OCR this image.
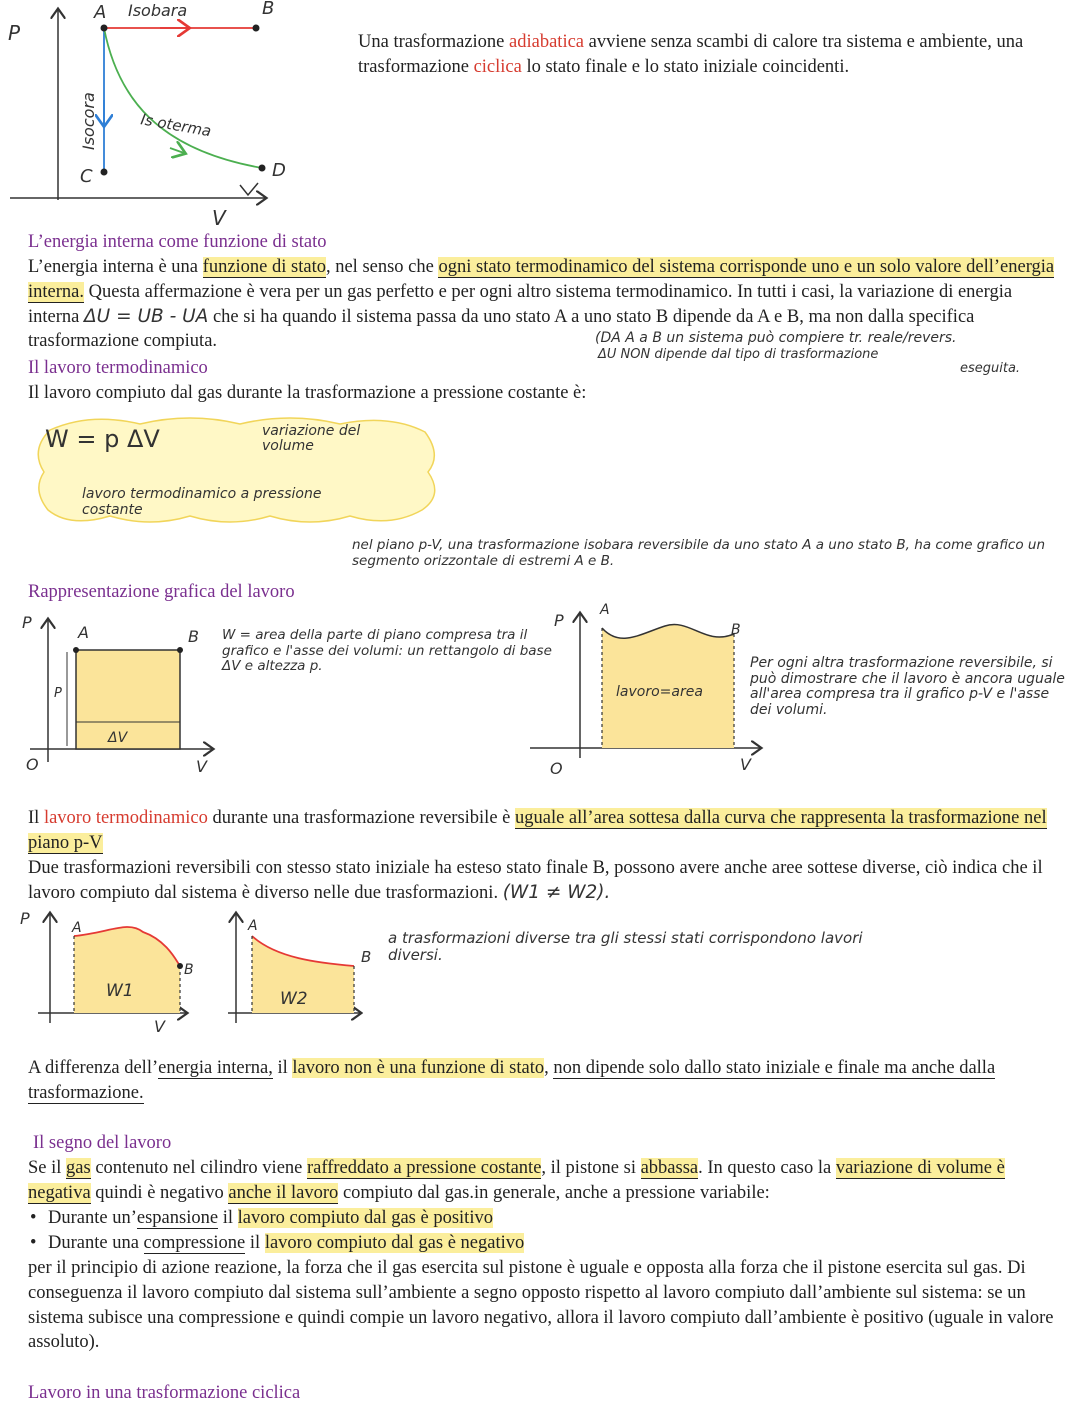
P
A Isobara	B
Isocora	Is oterma
C	D
V
Una trasformazione adiabatica avviene senza scambi di calore tra sistema e ambiente, una trasformazione ciclica lo stato finale e lo stato iniziale coincidenti.
L’energia interna come funzione di stato
L’energia interna è una funzione di stato, nel senso che ogni stato termodinamico del sistema corrisponde uno e un solo valore dell’energia interna. Questa affermazione è vera per un gas perfetto e per ogni altro sistema termodinamico. In tutti i casi, la variazione di energia interna ΔU = UB - UA che si ha quando il sistema passa da uno stato A a uno stato B dipende da A e B, ma non dalla specifica trasformazione compiuta.	(DA A a B un sistema può compiere tr. reale/revers.
ΔU NON dipende dal tipo di trasformazione
eseguita.
Il lavoro termodinamico
Il lavoro compiuto dal gas durante la trasformazione a pressione costante è:
W = p ΔV	variazione del volume
lavoro termodinamico a pressione costante
nel piano p-V, una trasformazione isobara reversibile da uno stato A a uno stato B, ha come grafico un segmento orizzontale di estremi A e B.
Rappresentazione grafica del lavoro
P
A	B
P
ΔV
O	V
W = area della parte di piano compresa tra il grafico e l'asse dei volumi: un rettangolo di base ΔV e altezza p.
P
A
B
lavoro=area
O	V
Per ogni altra trasformazione reversibile, si può dimostrare che il lavoro è ancora uguale all'area compresa tra il grafico p-V e l'asse dei volumi.
Il lavoro termodinamico durante una trasformazione reversibile è uguale all’area sottesa dalla curva che rappresenta la trasformazione nel piano p-V
Due trasformazioni reversibili con stesso stato iniziale ha esteso stato finale B, possono avere anche aree sottese diverse, ciò indica che il lavoro compiuto dal sistema è diverso nelle due trasformazioni. (W1 ≠ W2).
P	A
B
W1
V
A
W2
B
a trasformazioni diverse tra gli stessi stati corrispondono lavori diversi.
A differenza dell’energia interna, il lavoro non è una funzione di stato, non dipende solo dallo stato iniziale e finale ma anche dalla trasformazione.
Il segno del lavoro
Se il gas contenuto nel cilindro viene raffreddato a pressione costante, il pistone si abbassa. In questo caso la variazione di volume è negativa quindi è negativo anche il lavoro compiuto dal gas.in generale, anche a pressione variabile:
• Durante un’espansione il lavoro compiuto dal gas è positivo
• Durante una compressione il lavoro compiuto dal gas è negativo
per il principio di azione reazione, la forza che il gas esercita sul pistone è uguale e opposta alla forza che il pistone esercita sul gas. Di conseguenza il lavoro compiuto dal sistema sull’ambiente a segno opposto rispetto al lavoro compiuto dall’ambiente sul sistema: se un sistema subisce una compressione e quindi compie un lavoro negativo, allora il lavoro compiuto dall’ambiente è positivo (uguale in valore assoluto).
Lavoro in una trasformazione ciclica
